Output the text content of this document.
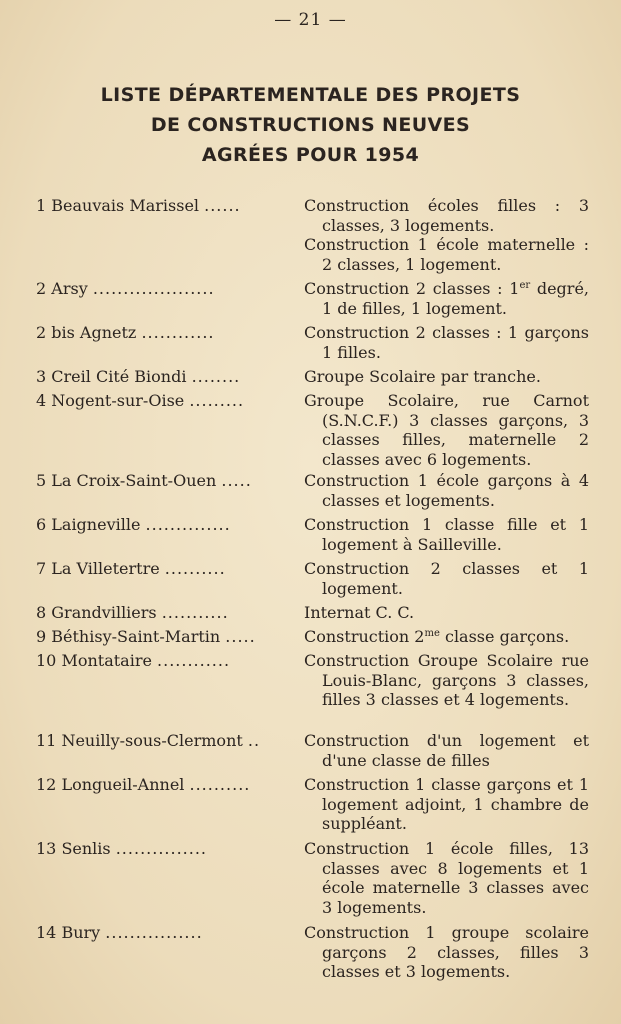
— 21 —
LISTE DÉPARTEMENTALE DES PROJETS
DE CONSTRUCTIONS NEUVES
AGRÉES POUR 1954
1 Beauvais Marissel ......	Construction écoles filles : 3 classes, 3 logements.
Construction 1 école maternelle : 2 classes, 1 logement.
2 Arsy ....................	Construction 2 classes : 1er degré, 1 de filles, 1 logement.
2 bis Agnetz ............	Construction 2 classes : 1 garçons 1 filles.
3 Creil Cité Biondi ........	Groupe Scolaire par tranche.
4 Nogent-sur-Oise .........	Groupe Scolaire, rue Carnot (S.N.C.F.) 3 classes garçons, 3 classes filles, maternelle 2 classes avec 6 logements.
5 La Croix-Saint-Ouen .....	Construction 1 école garçons à 4 classes et logements.
6 Laigneville ..............	Construction 1 classe fille et 1 logement à Sailleville.
7 La Villetertre ..........	Construction 2 classes et 1 logement.
8 Grandvilliers ...........	Internat C. C.
9 Béthisy-Saint-Martin .....	Construction $2^{me}$ classe garçons.
10 Montataire ............	Construction Groupe Scolaire rue Louis-Blanc, garçons 3 classes, filles 3 classes et 4 logements.
11 Neuilly-sous-Clermont ..	Construction d'un logement et d'une classe de filles
12 Longueil-Annel ..........	Construction 1 classe garçons et 1 logement adjoint, 1 chambre de suppléant.
13 Senlis ...............	Construction 1 école filles, 13 classes avec 8 logements et 1 école maternelle 3 classes avec 3 logements.
14 Bury ................	Construction 1 groupe scolaire garçons 2 classes, filles 3 classes et 3 logements.
